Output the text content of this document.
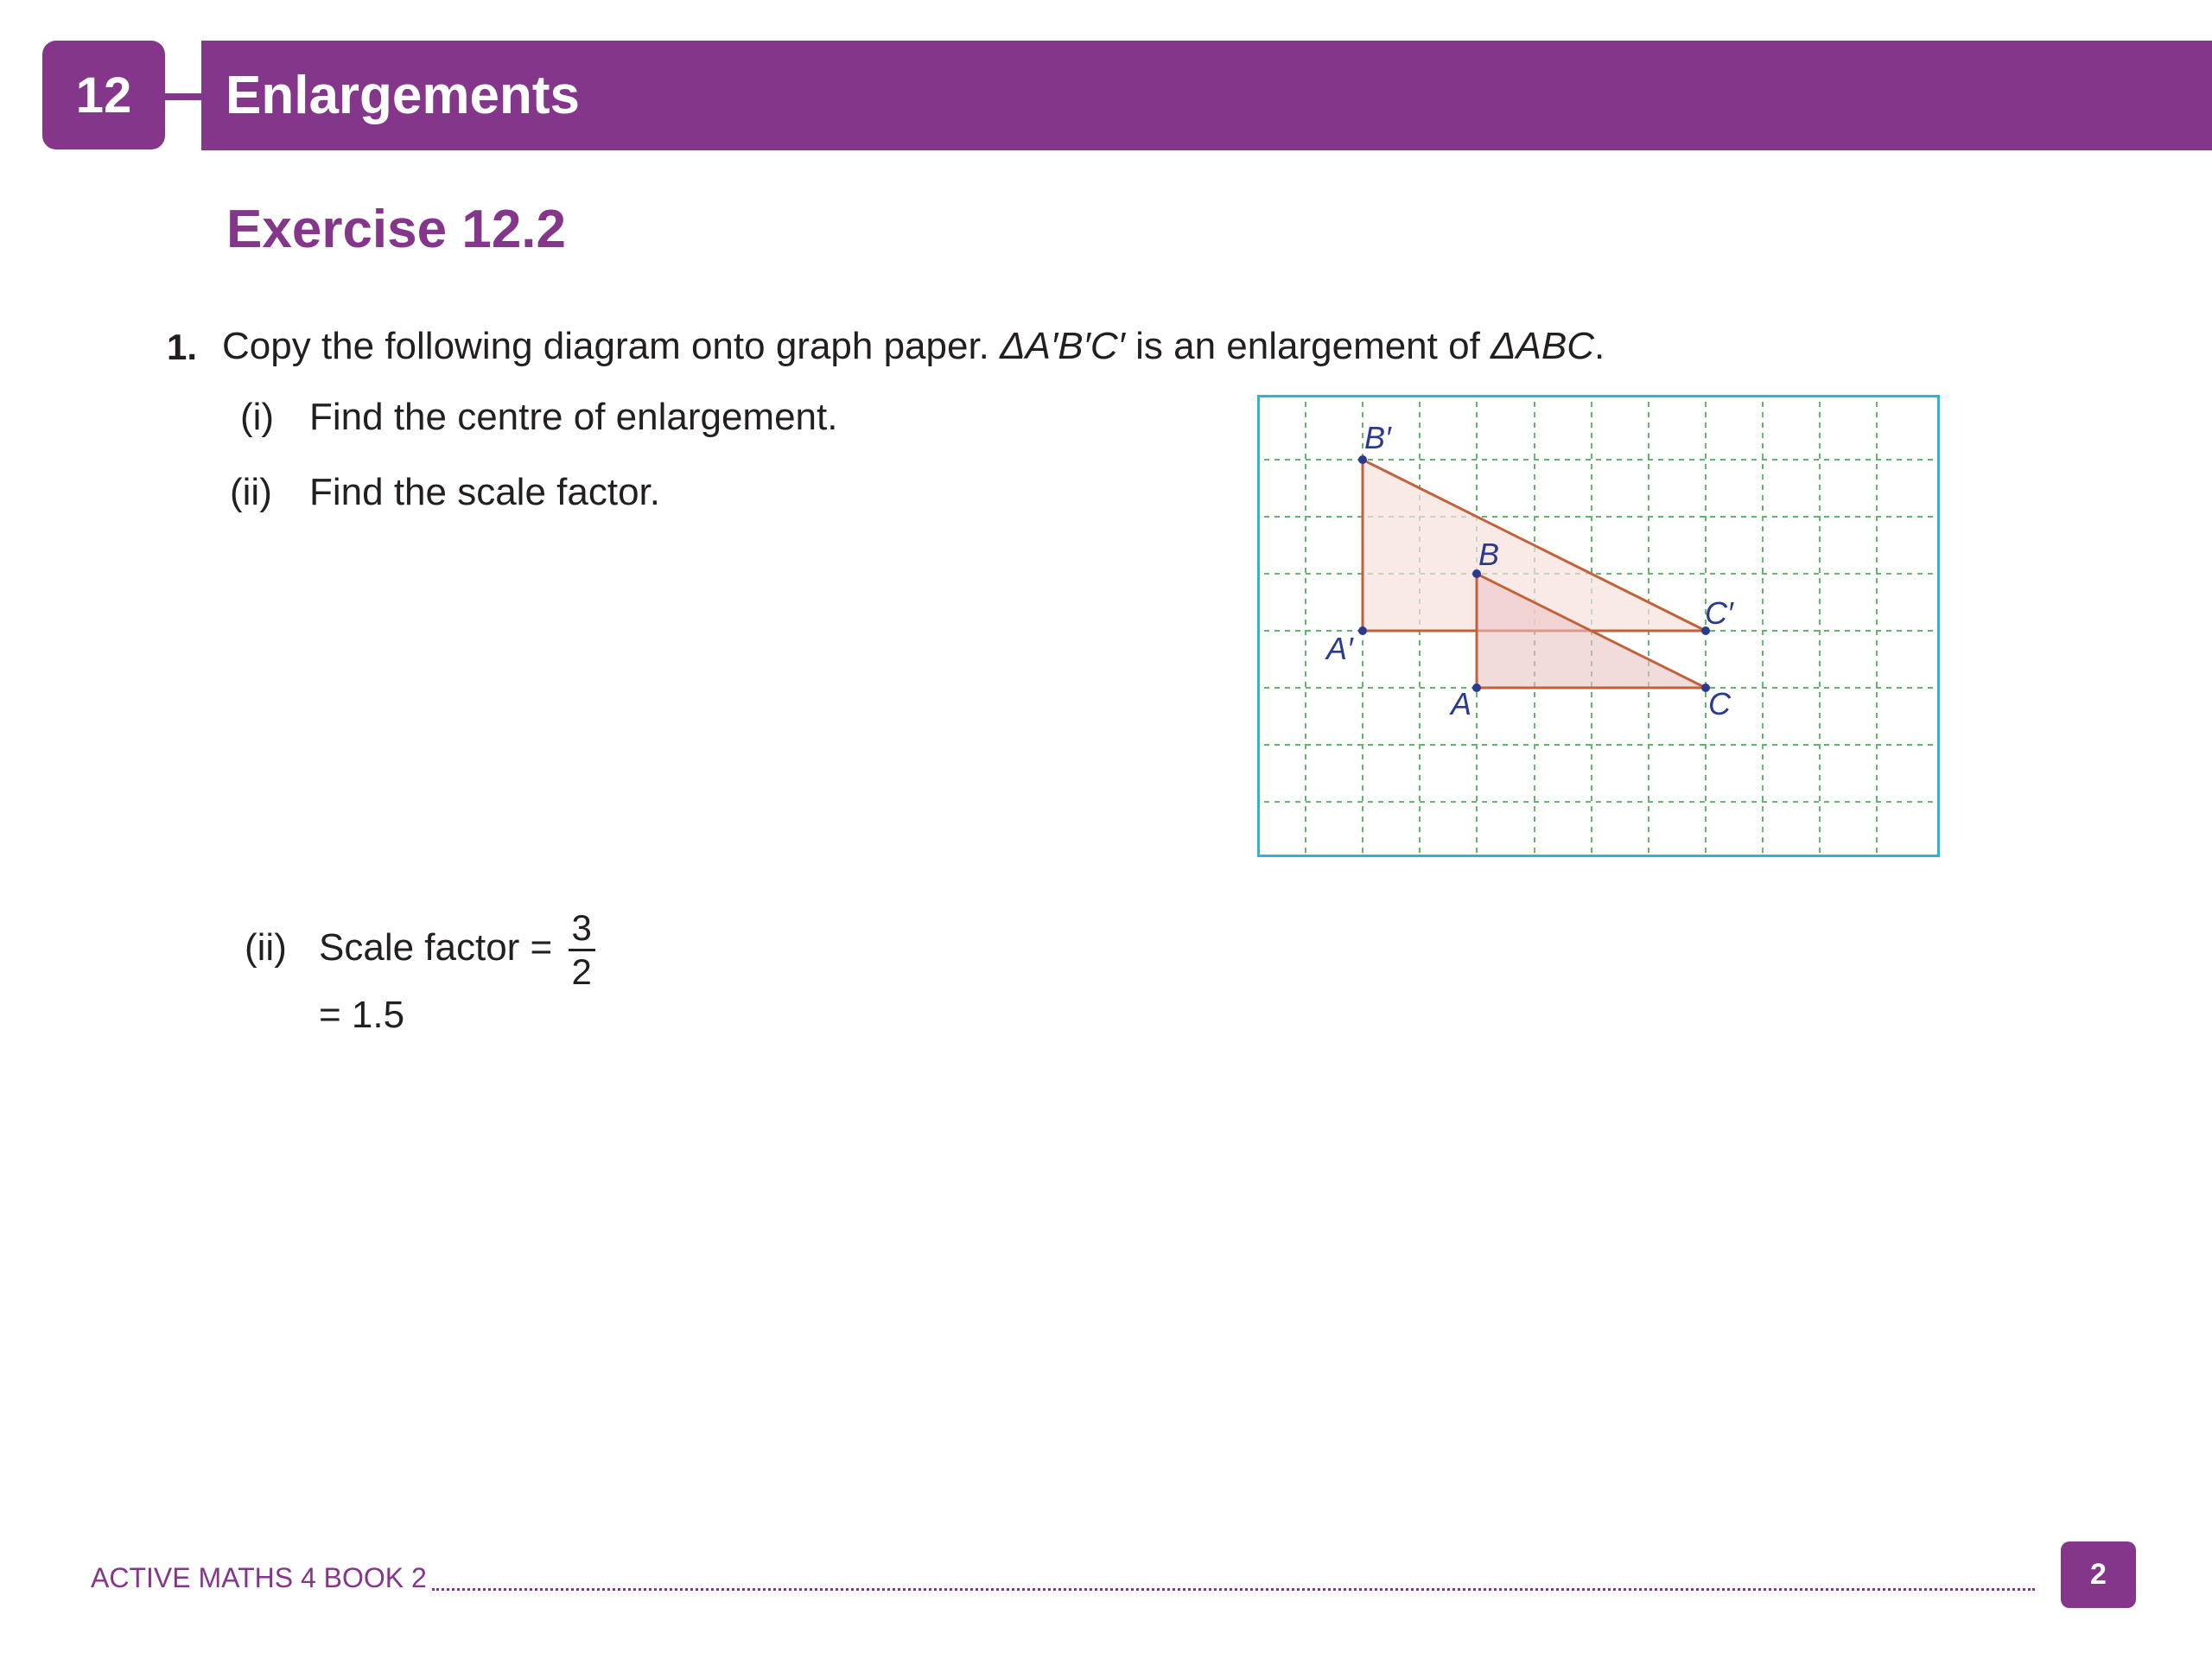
12 Enlargements
Exercise 12.2
1. Copy the following diagram onto graph paper. ΔA′B′C′ is an enlargement of ΔABC.
(i) Find the centre of enlargement.
(ii) Find the scale factor.
B′
A′
C′
B
A	C
(ii) Scale factor = $\frac{3}{2}$
= 1.5
ACTIVE MATHS 4 BOOK 2	2
